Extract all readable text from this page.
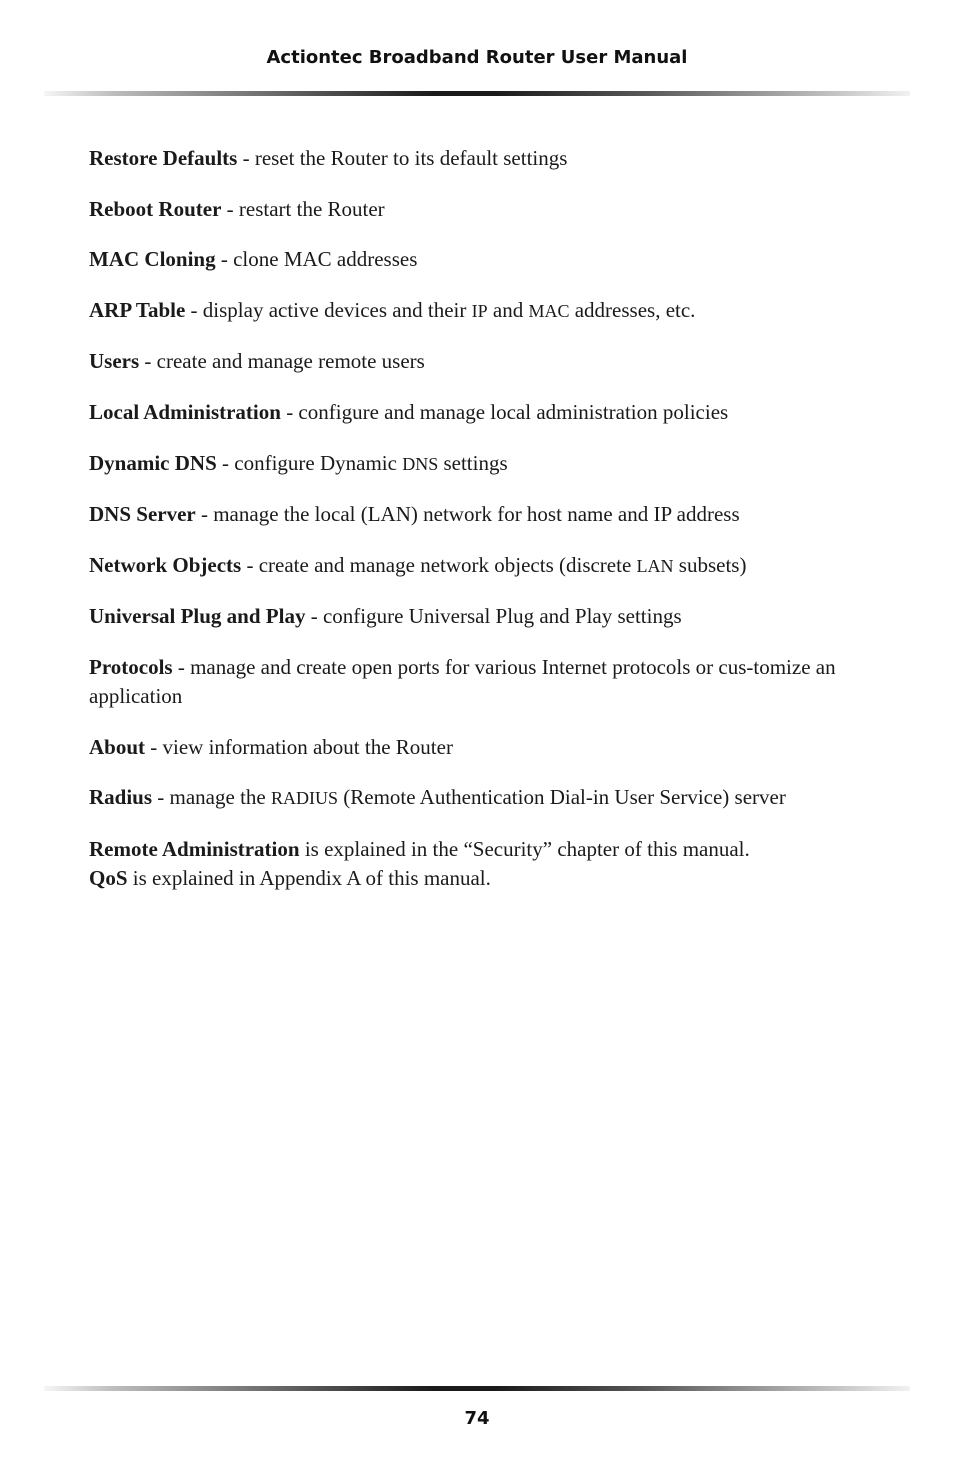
Actiontec Broadband Router User Manual

Restore Defaults - reset the Router to its default settings

Reboot Router - restart the Router

MAC Cloning - clone MAC addresses

ARP Table - display active devices and their IP and MAC addresses, etc.

Users - create and manage remote users

Local Administration - configure and manage local administration policies

Dynamic DNS - configure Dynamic DNS settings

DNS Server - manage the local (LAN) network for host name and IP address

Network Objects - create and manage network objects (discrete LAN subsets)

Universal Plug and Play - configure Universal Plug and Play settings

Protocols - manage and create open ports for various Internet protocols or cus-tomize an application

About - view information about the Router

Radius - manage the RADIUS (Remote Authentication Dial-in User Service) server

Remote Administration is explained in the “Security” chapter of this manual.

QoS is explained in Appendix A of this manual.

74
